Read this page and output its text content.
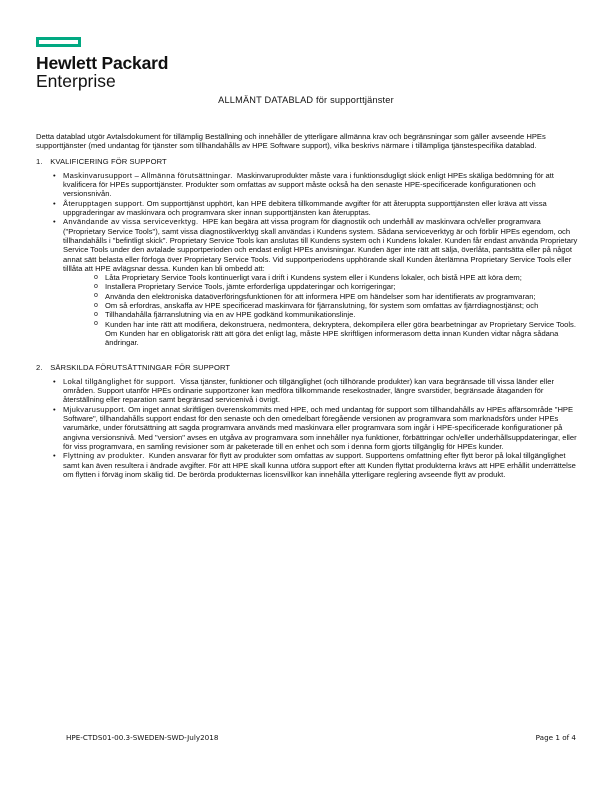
Hewlett Packard
Enterprise
ALLMÄNT DATABLAD för supporttjänster

Detta datablad utgör Avtalsdokument för tillämplig Beställning och innehåller de ytterligare allmänna krav och begränsningar som gäller avseende HPEs supporttjänster (med undantag för tjänster som tillhandahålls av HPE Software support), vilka beskrivs närmare i tillämpliga tjänstespecifika datablad.

1. KVALIFICERING FÖR SUPPORT

• Maskinvarusupport – Allmänna förutsättningar. Maskinvaruprodukter måste vara i funktionsdugligt skick enligt HPEs skäliga bedömning för att kvalificera för HPEs supporttjänster. Produkter som omfattas av support måste också ha den senaste HPE-specificerade konfigurationen och versionsnivån.
• Återupptagen support. Om supporttjänst upphört, kan HPE debitera tillkommande avgifter för att återuppta supporttjänsten eller kräva att vissa uppgraderingar av maskinvara och programvara sker innan supporttjänsten kan återupptas.
• Användande av vissa serviceverktyg. HPE kan begära att vissa program för diagnostik och underhåll av maskinvara och/eller programvara ("Proprietary Service Tools"), samt vissa diagnostikverktyg skall användas i Kundens system. Sådana serviceverktyg är och förblir HPEs egendom, och tillhandahålls i "befintligt skick". Proprietary Service Tools kan anslutas till Kundens system och i Kundens lokaler. Kunden får endast använda Proprietary Service Tools under den avtalade supportperioden och endast enligt HPEs anvisningar. Kunden äger inte rätt att sälja, överlåta, pantsätta eller på något annat sätt belasta eller förfoga över Proprietary Service Tools. Vid supportperiodens upphörande skall Kunden återlämna Proprietary Service Tools eller tilllåta att HPE avlägsnar dessa. Kunden kan bli ombedd att:
o Låta Proprietary Service Tools kontinuerligt vara i drift i Kundens system eller i Kundens lokaler, och bistå HPE att köra dem;
o Installera Proprietary Service Tools, jämte erforderliga uppdateringar och korrigeringar;
o Använda den elektroniska dataöverföringsfunktionen för att informera HPE om händelser som har identifierats av programvaran;
o Om så erfordras, anskaffa av HPE specificerad maskinvara för fjärranslutning, för system som omfattas av fjärrdiagnostjänst; och
o Tillhandahålla fjärranslutning via en av HPE godkänd kommunikationslinje.
o Kunden har inte rätt att modifiera, dekonstruera, nedmontera, dekryptera, dekompilera eller göra bearbetningar av Proprietary Service Tools. Om Kunden har en obligatorisk rätt att göra det enligt lag, måste HPE skriftligen informerasom detta innan Kunden vidtar några sådana ändringar.

2. SÄRSKILDA FÖRUTSÄTTNINGAR FÖR SUPPORT

• Lokal tillgänglighet för support. Vissa tjänster, funktioner och tillgänglighet (och tillhörande produkter) kan vara begränsade till vissa länder eller områden. Support utanför HPEs ordinarie supportzoner kan medföra tillkommande resekostnader, längre svarstider, begränsade åtaganden för återställning eller reparation samt begränsad servicenivå i övrigt.
• Mjukvarusupport. Om inget annat skriftligen överenskommits med HPE, och med undantag för support som tillhandahålls av HPEs affärsområde "HPE Software", tillhandahålls support endast för den senaste och den omedelbart föregående versionen av programvara som marknadsförs under HPEs varumärke, under förutsättning att sagda programvara används med maskinvara eller programvara som ingår i HPE-specificerade konfigurationer på angivna versionsnivå. Med "version" avses en utgåva av programvara som innehåller nya funktioner, förbättringar och/eller underhållsuppdateringar, eller för viss programvara, en samling revisioner som är paketerade till en enhet och som i denna form gjorts tillgänglig för HPEs kunder.
• Flyttning av produkter. Kunden ansvarar för flytt av produkter som omfattas av support. Supportens omfattning efter flytt beror på lokal tillgänglighet samt kan även resultera i ändrade avgifter. För att HPE skall kunna utföra support efter att Kunden flyttat produkterna krävs att HPE erhållit underrättelse om flytten i förväg inom skälig tid. De berörda produkternas licensvillkor kan innehålla ytterligare reglering avseende flytt av produkt.
HPE-CTDS01-00.3-SWEDEN-SWD-July2018	Page 1 of 4
